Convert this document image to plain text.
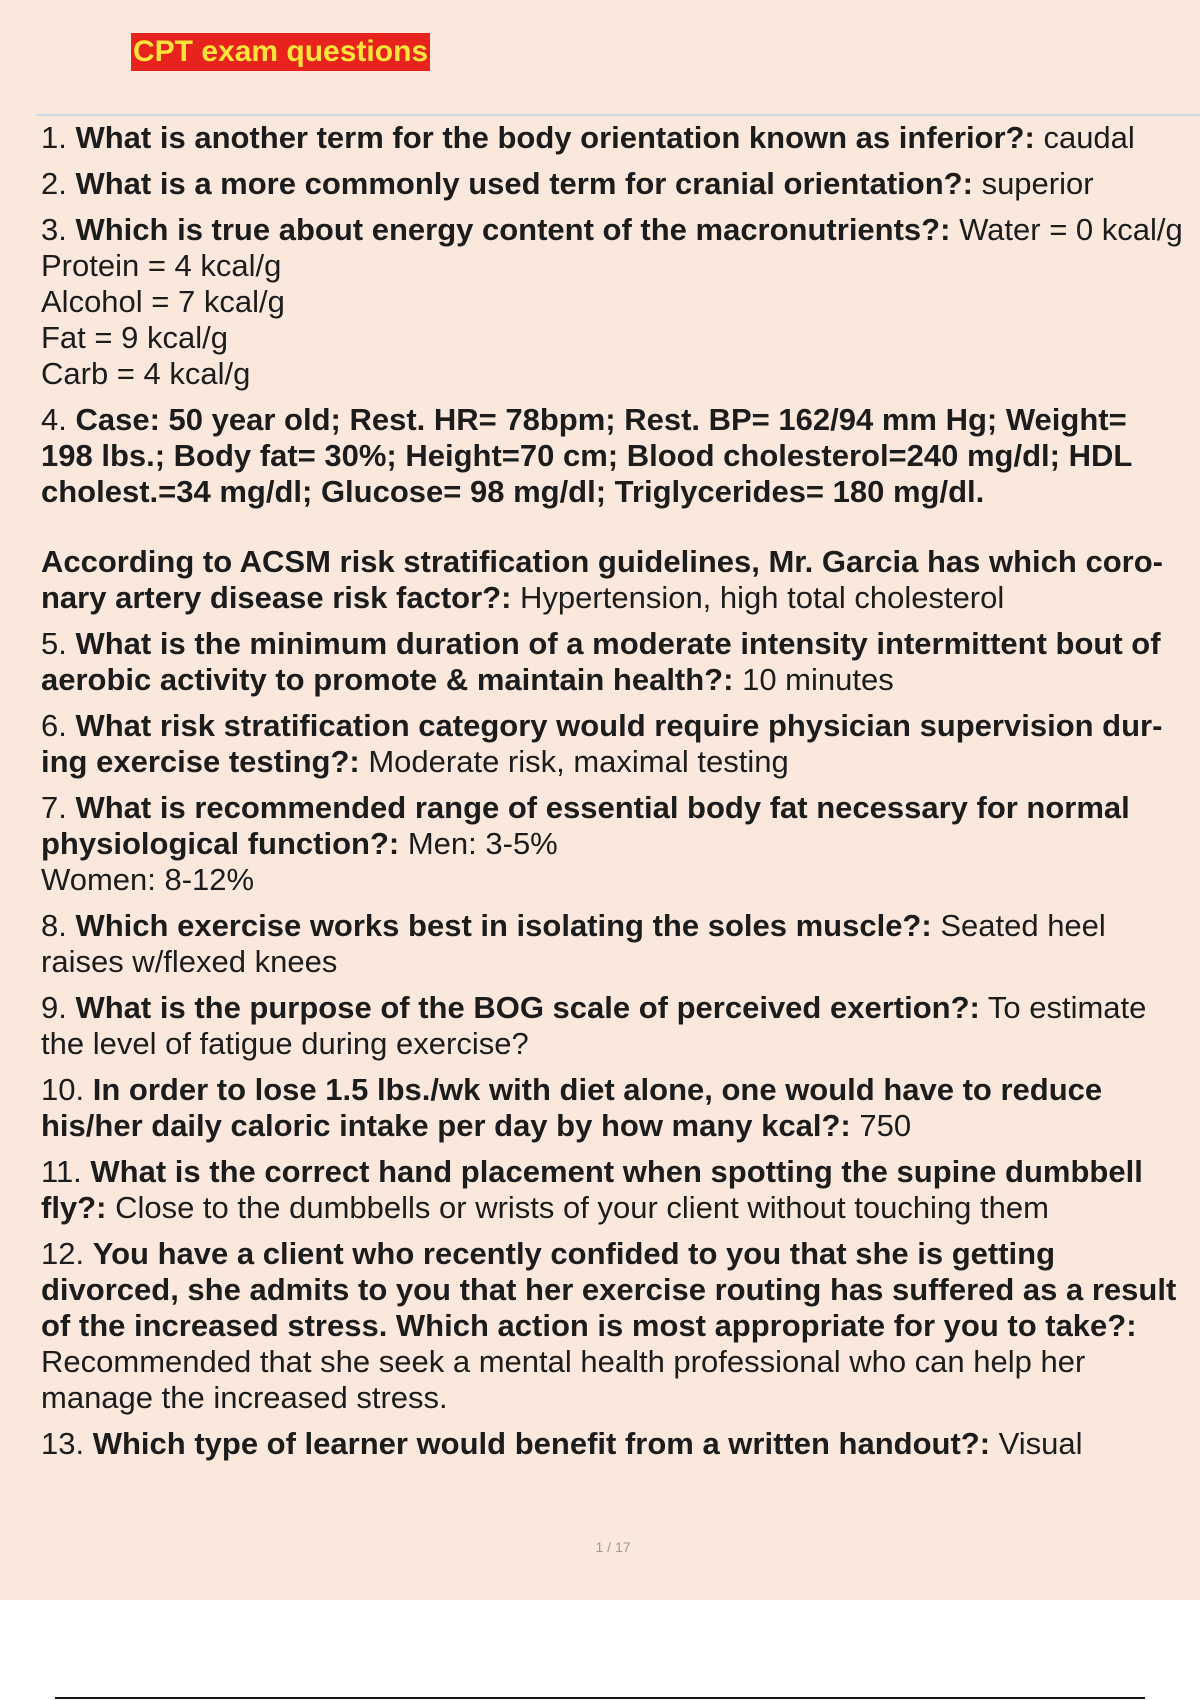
CPT exam questions
1. What is another term for the body orientation known as inferior?: caudal
2. What is a more commonly used term for cranial orientation?: superior
3. Which is true about energy content of the macronutrients?: Water = 0 kcal/g
Protein = 4 kcal/g
Alcohol = 7 kcal/g
Fat = 9 kcal/g
Carb = 4 kcal/g
4. Case: 50 year old; Rest. HR= 78bpm; Rest. BP= 162/94 mm Hg; Weight=
198 lbs.; Body fat= 30%; Height=70 cm; Blood cholesterol=240 mg/dl; HDL
cholest.=34 mg/dl; Glucose= 98 mg/dl; Triglycerides= 180 mg/dl.
According to ACSM risk stratification guidelines, Mr. Garcia has which coro-nary artery disease risk factor?: Hypertension, high total cholesterol
5. What is the minimum duration of a moderate intensity intermittent bout of aerobic activity to promote & maintain health?: 10 minutes
6. What risk stratification category would require physician supervision dur-ing exercise testing?: Moderate risk, maximal testing
7. What is recommended range of essential body fat necessary for normal physiological function?: Men: 3-5%
Women: 8-12%
8. Which exercise works best in isolating the soles muscle?: Seated heel raises w/flexed knees
9. What is the purpose of the BOG scale of perceived exertion?: To estimate the level of fatigue during exercise?
10. In order to lose 1.5 lbs./wk with diet alone, one would have to reduce his/her daily caloric intake per day by how many kcal?: 750
11. What is the correct hand placement when spotting the supine dumbbell fly?: Close to the dumbbells or wrists of your client without touching them
12. You have a client who recently confided to you that she is getting divorced, she admits to you that her exercise routing has suffered as a result of the increased stress. Which action is most appropriate for you to take?: Recommended that she seek a mental health professional who can help her manage the increased stress.
13. Which type of learner would benefit from a written handout?: Visual
1 / 17
